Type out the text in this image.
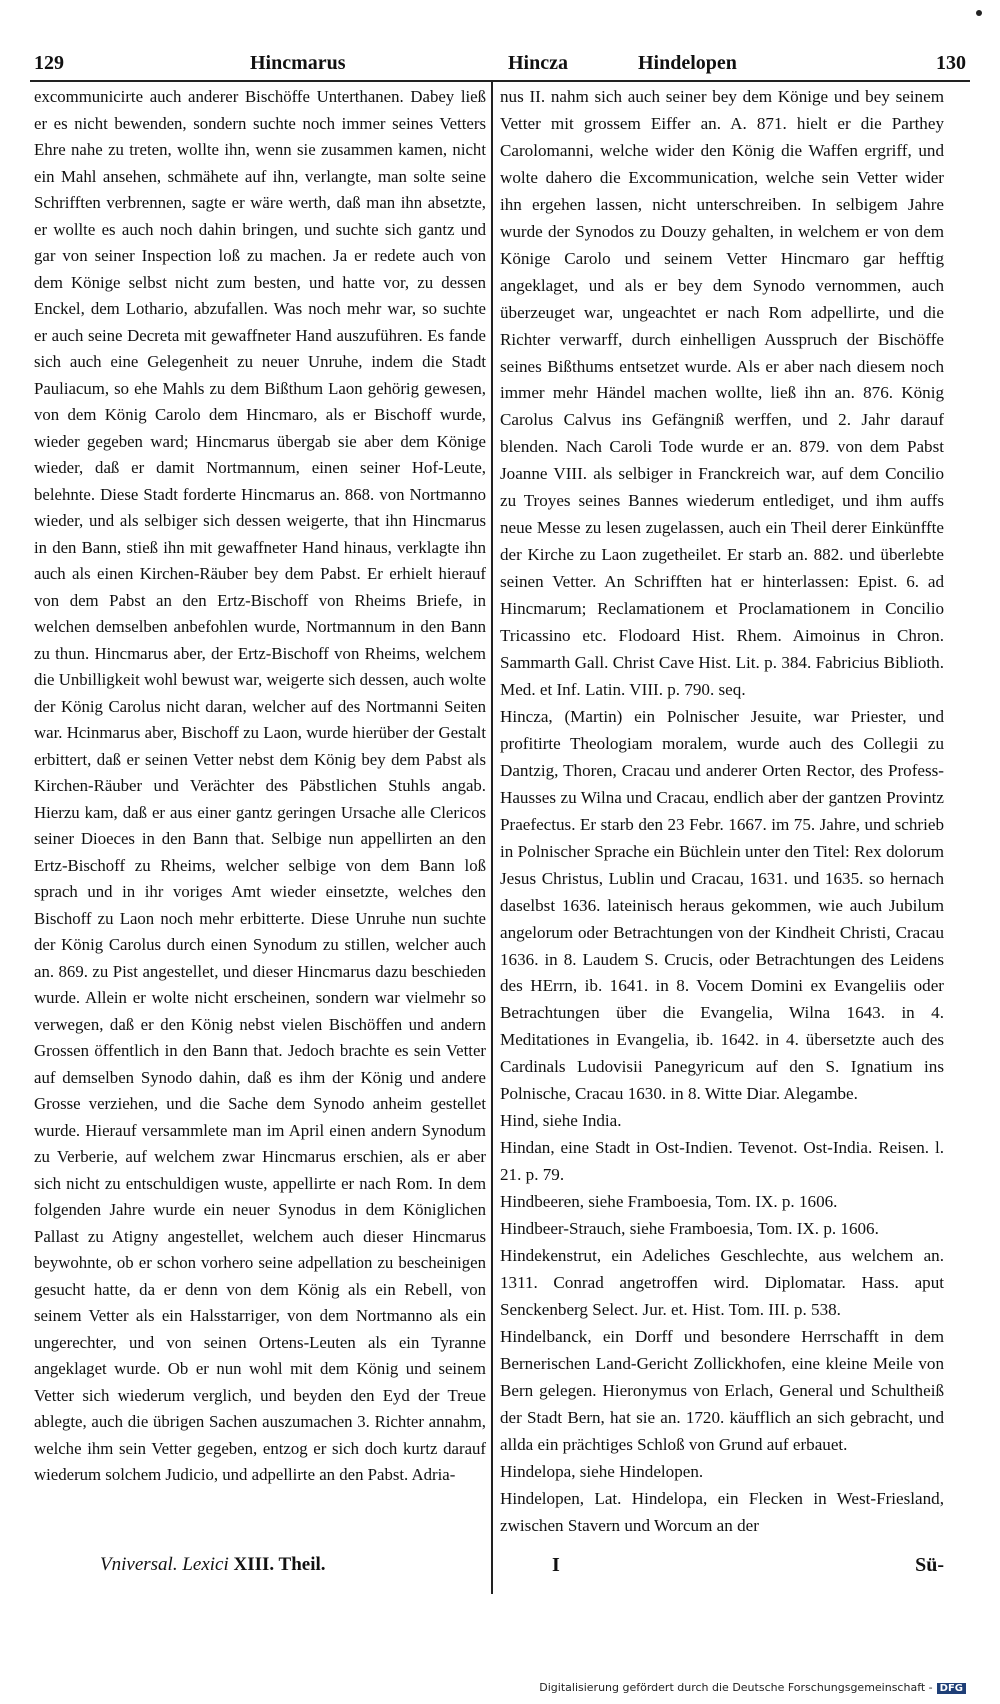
129	Hincmarus	Hincza	Hindelopen	130

excommunicirte auch anderer Bischöffe Unterthanen. Dabey ließ er es nicht bewenden, sondern suchte noch immer seines Vetters Ehre nahe zu treten, wollte ihn, wenn sie zusammen kamen, nicht ein Mahl ansehen, schmähete auf ihn, verlangte, man solte seine Schrifften verbrennen, sagte er wäre werth, daß man ihn absetzte, er wollte es auch noch dahin bringen, und suchte sich gantz und gar von seiner Inspection loß zu machen. Ja er redete auch von dem Könige selbst nicht zum besten, und hatte vor, zu dessen Enckel, dem Lothario, abzufallen. Was noch mehr war, so suchte er auch seine Decreta mit gewaffneter Hand auszuführen. Es fande sich auch eine Gelegenheit zu neuer Unruhe, indem die Stadt Pauliacum, so ehe Mahls zu dem Bißthum Laon gehörig gewesen, von dem König Carolo dem Hincmaro, als er Bischoff wurde, wieder gegeben ward; Hincmarus übergab sie aber dem Könige wieder, daß er damit Nortmannum, einen seiner Hof-Leute, belehnte. Diese Stadt forderte Hincmarus an. 868. von Nortmanno wieder, und als selbiger sich dessen weigerte, that ihn Hincmarus in den Bann, stieß ihn mit gewaffneter Hand hinaus, verklagte ihn auch als einen Kirchen-Räuber bey dem Pabst. Er erhielt hierauf von dem Pabst an den Ertz-Bischoff von Rheims Briefe, in welchen demselben anbefohlen wurde, Nortmannum in den Bann zu thun. Hincmarus aber, der Ertz-Bischoff von Rheims, welchem die Unbilligkeit wohl bewust war, weigerte sich dessen, auch wolte der König Carolus nicht daran, welcher auf des Nortmanni Seiten war. Hcinmarus aber, Bischoff zu Laon, wurde hierüber der Gestalt erbittert, daß er seinen Vetter nebst dem König bey dem Pabst als Kirchen-Räuber und Verächter des Päbstlichen Stuhls angab. Hierzu kam, daß er aus einer gantz geringen Ursache alle Clericos seiner Dioeces in den Bann that. Selbige nun appellirten an den Ertz-Bischoff zu Rheims, welcher selbige von dem Bann loß sprach und in ihr voriges Amt wieder einsetzte, welches den Bischoff zu Laon noch mehr erbitterte. Diese Unruhe nun suchte der König Carolus durch einen Synodum zu stillen, welcher auch an. 869. zu Pist angestellet, und dieser Hincmarus dazu beschieden wurde. Allein er wolte nicht erscheinen, sondern war vielmehr so verwegen, daß er den König nebst vielen Bischöffen und andern Grossen öffentlich in den Bann that. Jedoch brachte es sein Vetter auf demselben Synodo dahin, daß es ihm der König und andere Grosse verziehen, und die Sache dem Synodo anheim gestellet wurde. Hierauf versammlete man im April einen andern Synodum zu Verberie, auf welchem zwar Hincmarus erschien, als er aber sich nicht zu entschuldigen wuste, appellirte er nach Rom. In dem folgenden Jahre wurde ein neuer Synodus in dem Königlichen Pallast zu Atigny angestellet, welchem auch dieser Hincmarus beywohnte, ob er schon vorhero seine adpellation zu bescheinigen gesucht hatte, da er denn von dem König als ein Rebell, von seinem Vetter als ein Halsstarriger, von dem Nortmanno als ein ungerechter, und von seinen Ortens-Leuten als ein Tyranne angeklaget wurde. Ob er nun wohl mit dem König und seinem Vetter sich wiederum verglich, und beyden den Eyd der Treue ablegte, auch die übrigen Sachen auszumachen 3. Richter annahm, welche ihm sein Vetter gegeben, entzog er sich doch kurtz darauf wiederum solchem Judicio, und adpellirte an den Pabst. Adria-

nus II. nahm sich auch seiner bey dem Könige und bey seinem Vetter mit grossem Eiffer an. A. 871. hielt er die Parthey Carolomanni, welche wider den König die Waffen ergriff, und wolte dahero die Excommunication, welche sein Vetter wider ihn ergehen lassen, nicht unterschreiben. In selbigem Jahre wurde der Synodos zu Douzy gehalten, in welchem er von dem Könige Carolo und seinem Vetter Hincmaro gar hefftig angeklaget, und als er bey dem Synodo vernommen, auch überzeuget war, ungeachtet er nach Rom adpellirte, und die Richter verwarff, durch einhelligen Ausspruch der Bischöffe seines Bißthums entsetzet wurde. Als er aber nach diesem noch immer mehr Händel machen wollte, ließ ihn an. 876. König Carolus Calvus ins Gefängniß werffen, und 2. Jahr darauf blenden. Nach Caroli Tode wurde er an. 879. von dem Pabst Joanne VIII. als selbiger in Franckreich war, auf dem Concilio zu Troyes seines Bannes wiederum entlediget, und ihm auffs neue Messe zu lesen zugelassen, auch ein Theil derer Einkünffte der Kirche zu Laon zugetheilet. Er starb an. 882. und überlebte seinen Vetter. An Schrifften hat er hinterlassen: Epist. 6. ad Hincmarum; Reclamationem et Proclamationem in Concilio Tricassino etc. Flodoard Hist. Rhem. Aimoinus in Chron. Sammarth Gall. Christ Cave Hist. Lit. p. 384. Fabricius Biblioth. Med. et Inf. Latin. VIII. p. 790. seq.

Hincza, (Martin) ein Polnischer Jesuite, war Priester, und profitirte Theologiam moralem, wurde auch des Collegii zu Dantzig, Thoren, Cracau und anderer Orten Rector, des Profess-Hausses zu Wilna und Cracau, endlich aber der gantzen Provintz Praefectus. Er starb den 23 Febr. 1667. im 75. Jahre, und schrieb in Polnischer Sprache ein Büchlein unter den Titel: Rex dolorum Jesus Christus, Lublin und Cracau, 1631. und 1635. so hernach daselbst 1636. lateinisch heraus gekommen, wie auch Jubilum angelorum oder Betrachtungen von der Kindheit Christi, Cracau 1636. in 8. Laudem S. Crucis, oder Betrachtungen des Leidens des HErrn, ib. 1641. in 8. Vocem Domini ex Evangeliis oder Betrachtungen über die Evangelia, Wilna 1643. in 4. Meditationes in Evangelia, ib. 1642. in 4. übersetzte auch des Cardinals Ludovisii Panegyricum auf den S. Ignatium ins Polnische, Cracau 1630. in 8. Witte Diar. Alegambe.

Hind, siehe India.

Hindan, eine Stadt in Ost-Indien. Tevenot. Ost-India. Reisen. l. 21. p. 79.

Hindbeeren, siehe Framboesia, Tom. IX. p. 1606.

Hindbeer-Strauch, siehe Framboesia, Tom. IX. p. 1606.

Hindekenstrut, ein Adeliches Geschlechte, aus welchem an. 1311. Conrad angetroffen wird. Diplomatar. Hass. aput Senckenberg Select. Jur. et. Hist. Tom. III. p. 538.

Hindelbanck, ein Dorff und besondere Herrschafft in dem Bernerischen Land-Gericht Zollickhofen, eine kleine Meile von Bern gelegen. Hieronymus von Erlach, General und Schultheiß der Stadt Bern, hat sie an. 1720. käufflich an sich gebracht, und allda ein prächtiges Schloß von Grund auf erbauet.

Hindelopa, siehe Hindelopen.

Hindelopen, Lat. Hindelopa, ein Flecken in West-Friesland, zwischen Stavern und Worcum an der

Vniversal. Lexici XIII. Theil.	I	Sü-
Digitalisierung gefördert durch die Deutsche Forschungsgemeinschaft - DFG
